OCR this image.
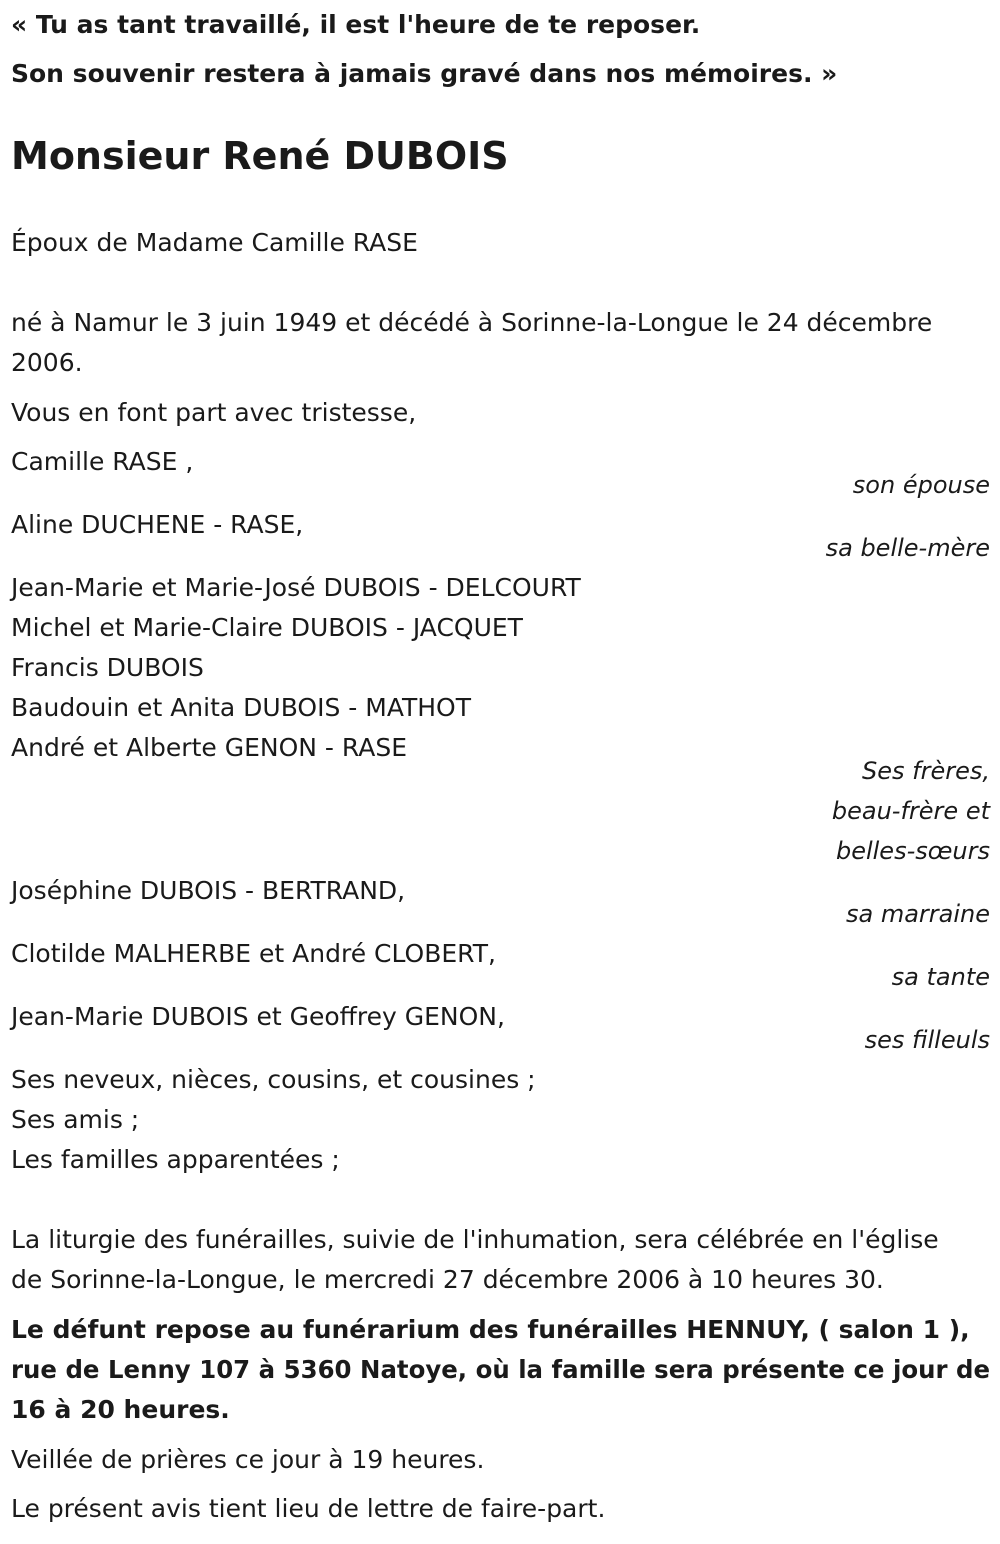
« Tu as tant travaillé, il est l'heure de te reposer.

Son souvenir restera à jamais gravé dans nos mémoires. »

Monsieur René DUBOIS

Époux de Madame Camille RASE

né à Namur le 3 juin 1949 et décédé à Sorinne-la-Longue le 24 décembre

2006.

Vous en font part avec tristesse,

Camille RASE ,

son épouse

Aline DUCHENE - RASE,

sa belle-mère

Jean-Marie et Marie-José DUBOIS - DELCOURT

Michel et Marie-Claire DUBOIS - JACQUET

Francis DUBOIS

Baudouin et Anita DUBOIS - MATHOT

André et Alberte GENON - RASE

Ses frères,

beau-frère et

belles-sœurs

Joséphine DUBOIS - BERTRAND,

sa marraine

Clotilde MALHERBE et André CLOBERT,

sa tante

Jean-Marie DUBOIS et Geoffrey GENON,

ses filleuls

Ses neveux, nièces, cousins, et cousines ;

Ses amis ;

Les familles apparentées ;

La liturgie des funérailles, suivie de l'inhumation, sera célébrée en l'église

de Sorinne-la-Longue, le mercredi 27 décembre 2006 à 10 heures 30.

Le défunt repose au funérarium des funérailles HENNUY, ( salon 1 ),

rue de Lenny 107 à 5360 Natoye, où la famille sera présente ce jour de

16 à 20 heures.

Veillée de prières ce jour à 19 heures.

Le présent avis tient lieu de lettre de faire-part.
